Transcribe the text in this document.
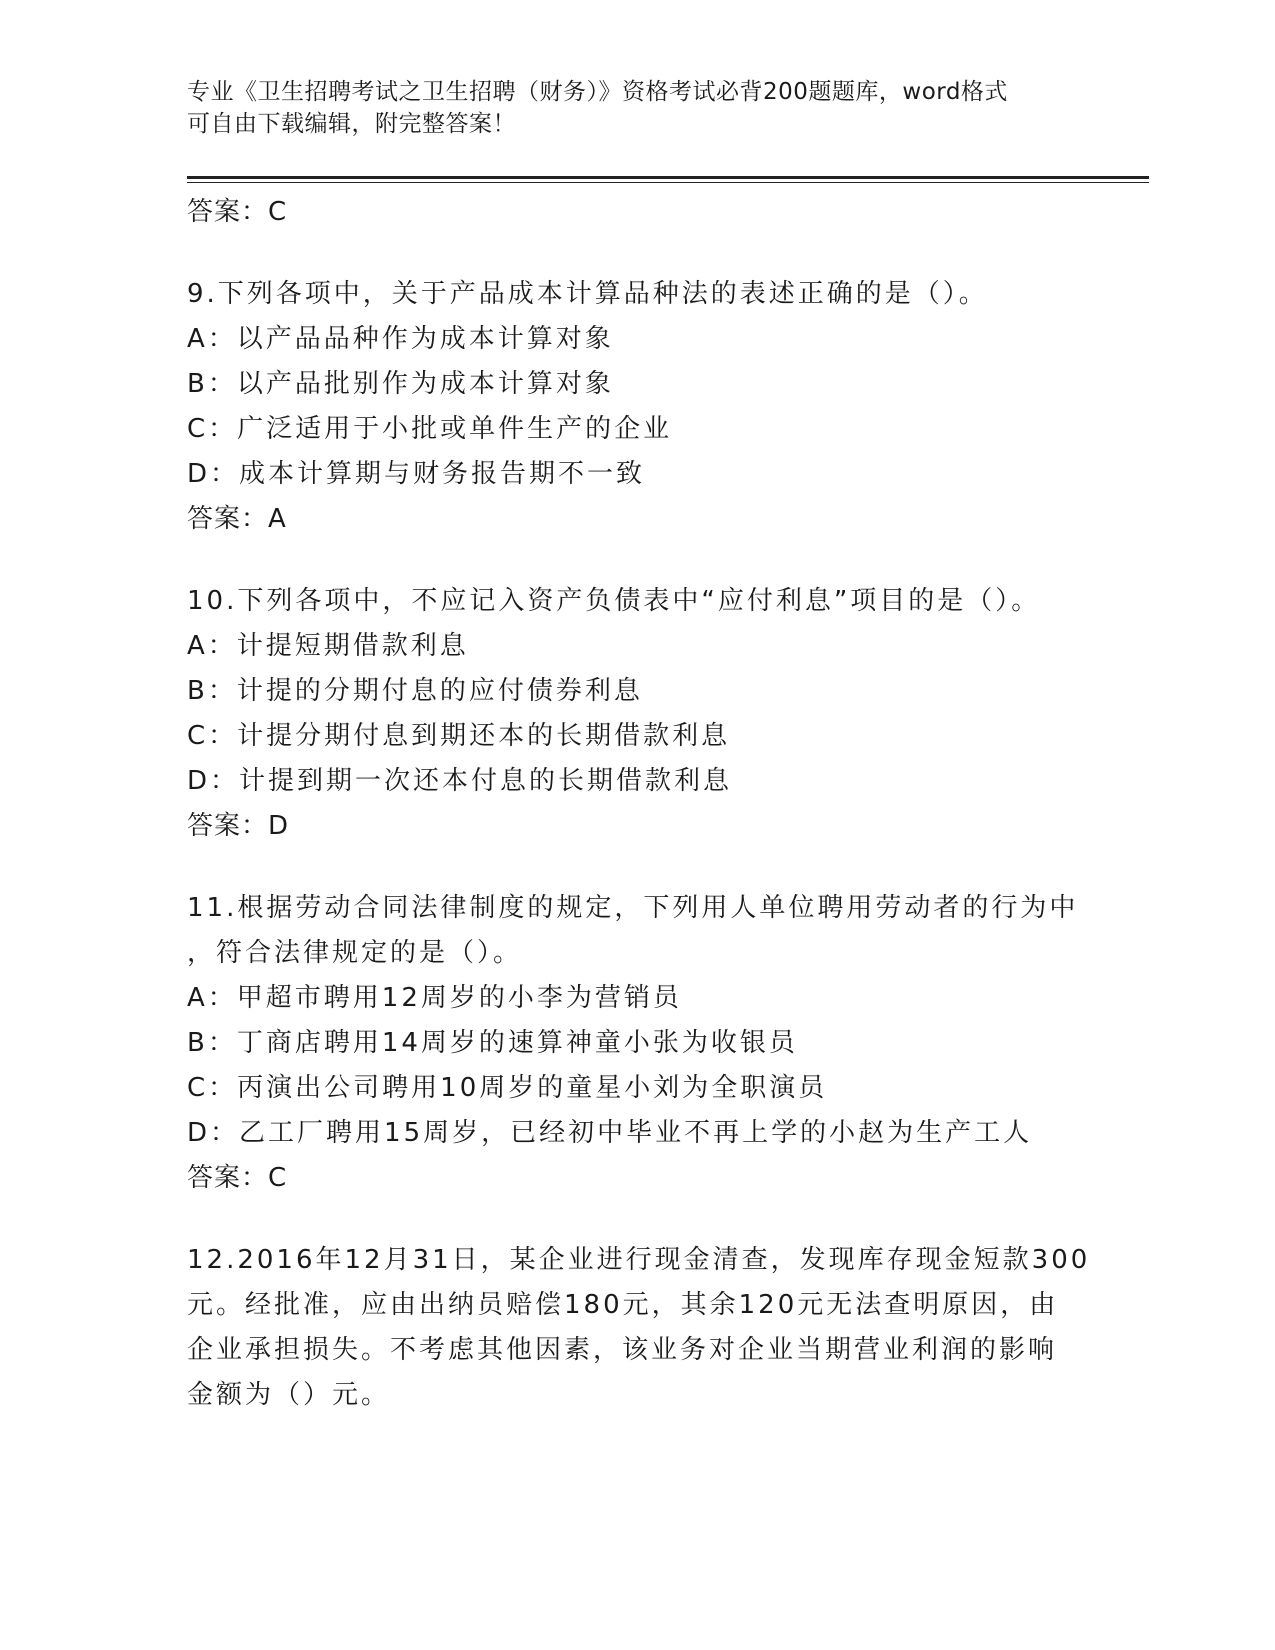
专业《卫生招聘考试之卫生招聘（财务）》资格考试必背200题题库，word格式
可自由下载编辑，附完整答案！
答案：C
9.下列各项中，关于产品成本计算品种法的表述正确的是（）。
A：以产品品种作为成本计算对象
B：以产品批别作为成本计算对象
C：广泛适用于小批或单件生产的企业
D：成本计算期与财务报告期不一致
答案：A
10.下列各项中，不应记入资产负债表中“应付利息”项目的是（）。
A：计提短期借款利息
B：计提的分期付息的应付债券利息
C：计提分期付息到期还本的长期借款利息
D：计提到期一次还本付息的长期借款利息
答案：D
11.根据劳动合同法律制度的规定，下列用人单位聘用劳动者的行为中
，符合法律规定的是（）。
A：甲超市聘用12周岁的小李为营销员
B：丁商店聘用14周岁的速算神童小张为收银员
C：丙演出公司聘用10周岁的童星小刘为全职演员
D：乙工厂聘用15周岁，已经初中毕业不再上学的小赵为生产工人
答案：C
12.2016年12月31日，某企业进行现金清查，发现库存现金短款300
元。经批准，应由出纳员赔偿180元，其余120元无法查明原因，由
企业承担损失。不考虑其他因素，该业务对企业当期营业利润的影响
金额为（）元。
